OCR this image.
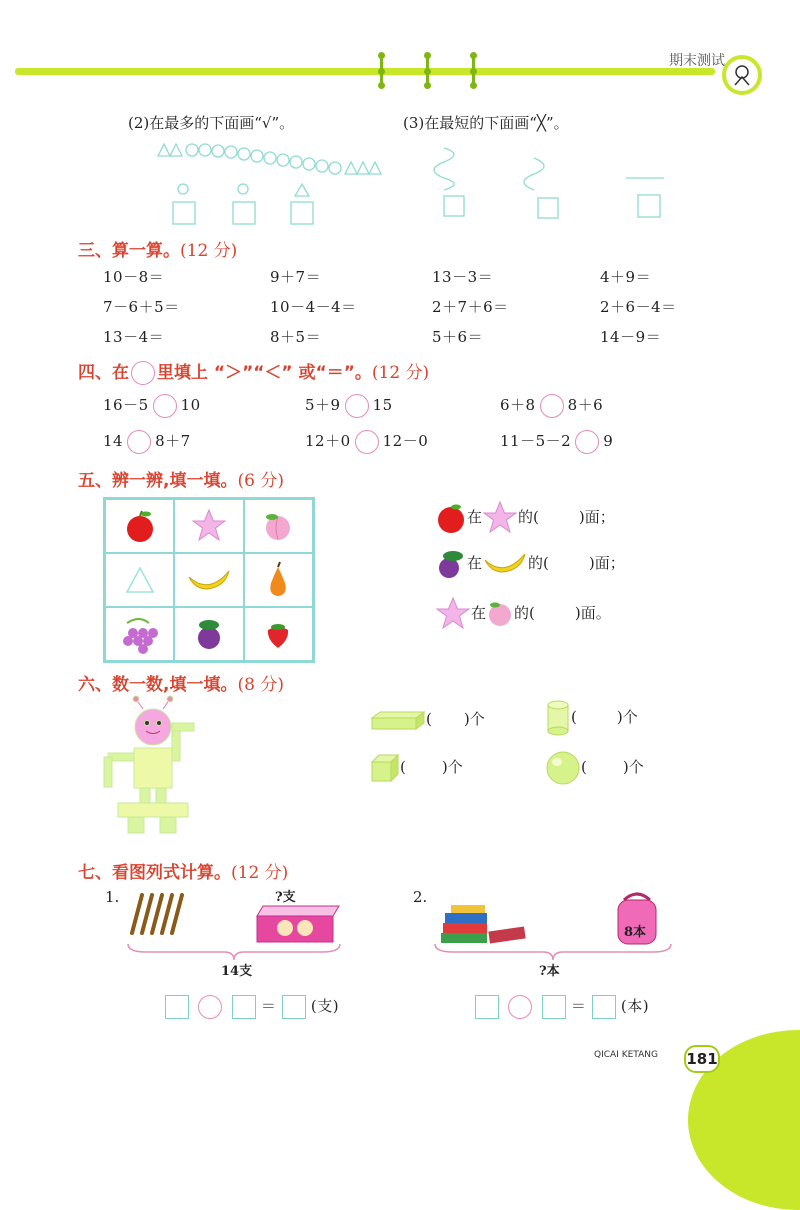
期末测试
(2)在最多的下面画“√”。	(3)在最短的下面画“╳”。
三、算一算。(12 分)
10－8＝	9＋7＝	13－3＝	4＋9＝
7－6＋5＝	10－4－4＝	2＋7＋6＝	2＋6－4＝
13－4＝	8＋5＝	5＋6＝	14－9＝
四、在 里填上 “＞”“＜” 或“＝”。(12 分)
16－5 10	5＋9 15	6＋8 8＋6
14 8＋7	12＋0 12－0	11－5－2 9
五、辨一辨,填一填。(6 分)
在 的(	)面；
在	的(	)面；
在 的(	)面。
六、数一数,填一填。(8 分)
( )个	(	)个
( )个	( )个
七、看图列式计算。(12 分)
1.	?支
14支
＝ (支)
2.
8本
?本
＝ (本)
QICAI KETANG 181
